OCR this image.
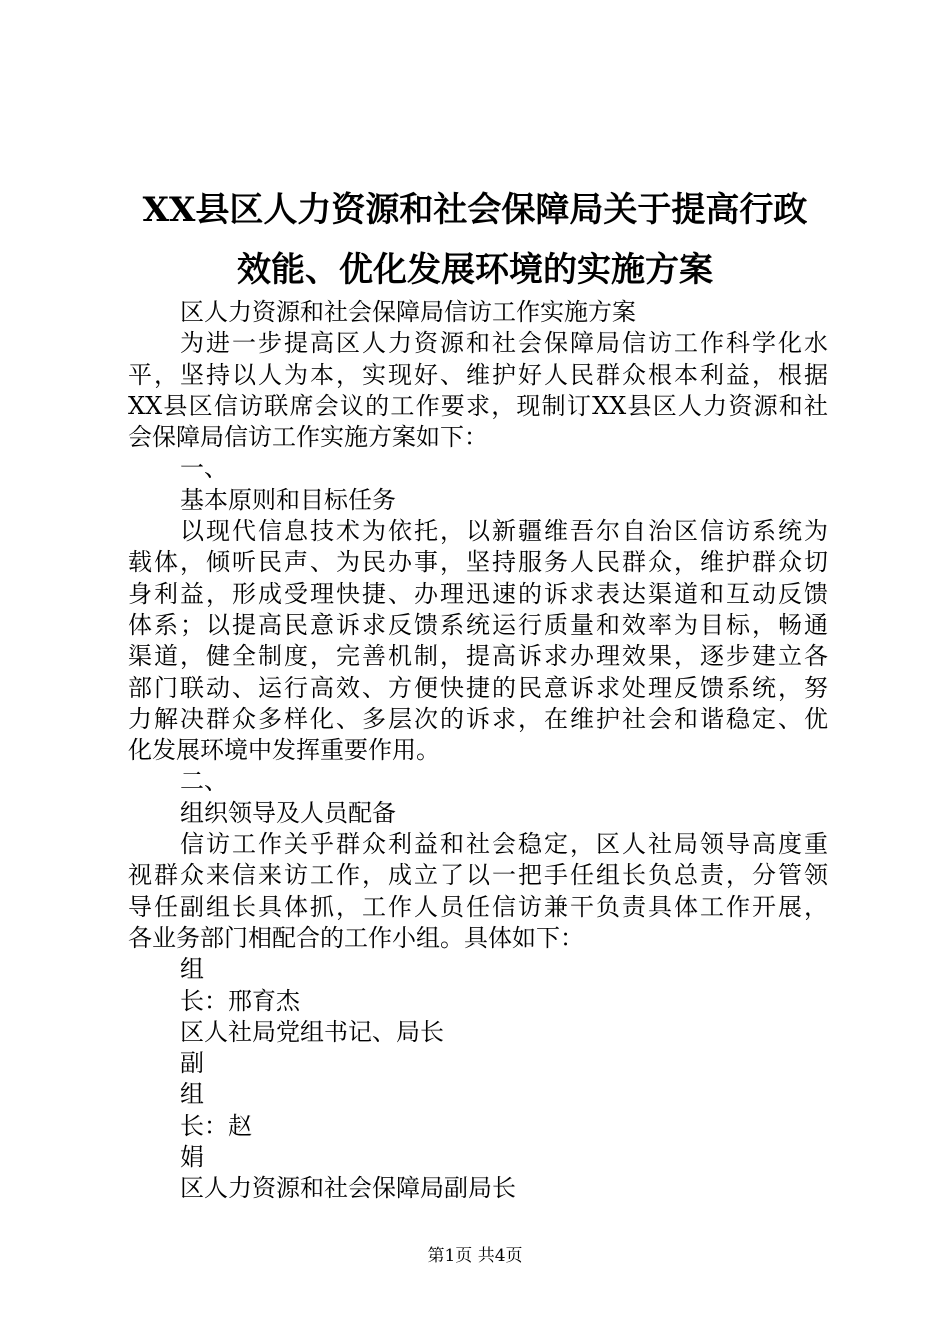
XX县区人力资源和社会保障局关于提高行政
效能、优化发展环境的实施方案
区人力资源和社会保障局信访工作实施方案
为进一步提高区人力资源和社会保障局信访工作科学化水
平，坚持以人为本，实现好、维护好人民群众根本利益，根据
XX县区信访联席会议的工作要求，现制订XX县区人力资源和社
会保障局信访工作实施方案如下：
一、
基本原则和目标任务
以现代信息技术为依托，以新疆维吾尔自治区信访系统为
载体，倾听民声、为民办事，坚持服务人民群众，维护群众切
身利益，形成受理快捷、办理迅速的诉求表达渠道和互动反馈
体系；以提高民意诉求反馈系统运行质量和效率为目标，畅通
渠道，健全制度，完善机制，提高诉求办理效果，逐步建立各
部门联动、运行高效、方便快捷的民意诉求处理反馈系统，努
力解决群众多样化、多层次的诉求，在维护社会和谐稳定、优
化发展环境中发挥重要作用。
二、
组织领导及人员配备
信访工作关乎群众利益和社会稳定，区人社局领导高度重
视群众来信来访工作，成立了以一把手任组长负总责，分管领
导任副组长具体抓，工作人员任信访兼干负责具体工作开展，
各业务部门相配合的工作小组。具体如下：
组
长：邢育杰
区人社局党组书记、局长
副
组
长：赵
娟
区人力资源和社会保障局副局长
第1页 共4页
